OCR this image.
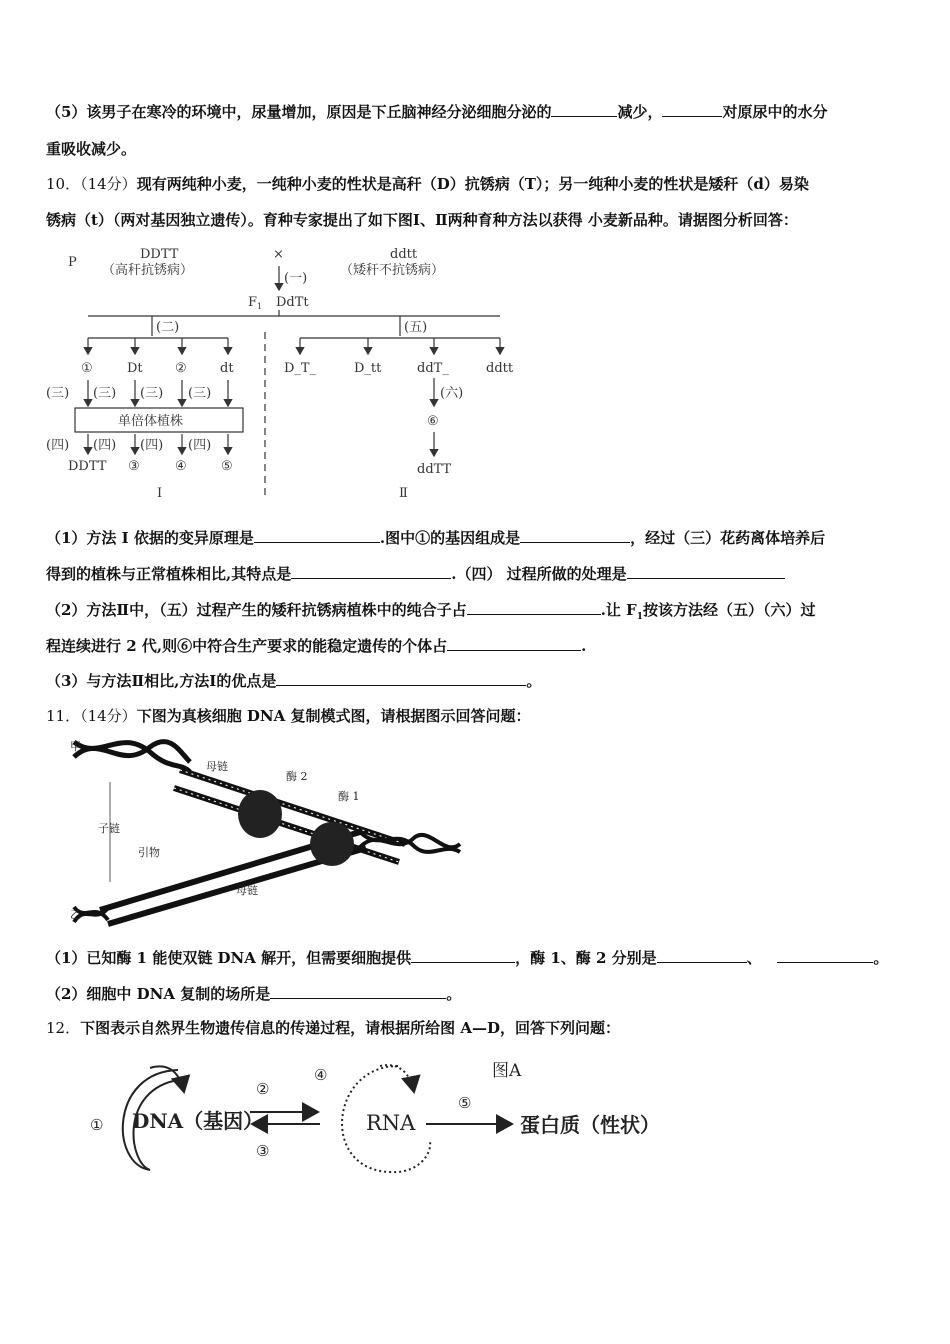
（5）该男子在寒冷的环境中，尿量增加，原因是下丘脑神经分泌细胞分泌的	减少，	对原尿中的水分
重吸收减少。
10．（14分）现有两纯种小麦，一纯种小麦的性状是高秆（D）抗锈病（T）；另一纯种小麦的性状是矮秆（d）易染
锈病（t）（两对基因独立遗传）。育种专家提出了如下图Ⅰ、Ⅱ两种育种方法以获得 小麦新品种。请据图分析回答：
P
DDTT
（高秆抗锈病）
×	ddtt
（矮秆不抗锈病）
(一)
$F_1$ DdTt
(二)	(五)
①	Dt ②	dt
(三) (三) (三) (三)
单倍体植株
(四) (四) (四) (四)
DDTT ③	④	⑤
Ⅰ
D_T_	D_tt	ddT_	ddtt
(六)
⑥
ddTT
Ⅱ
（1）方法 I 依据的变异原理是	.图中①的基因组成是	，经过（三）花药离体培养后
得到的植株与正常植株相比,其特点是	.（四） 过程所做的处理是
（2）方法Ⅱ中，（五）过程产生的矮秆抗锈病植株中的纯合子占	.让 $F_1$按该方法经（五）（六）过
程连续进行 2 代,则⑥中符合生产要求的能稳定遗传的个体占	.
（3）与方法Ⅱ相比,方法Ⅰ的优点是	。
11．（14分）下图为真核细胞 DNA 复制模式图，请根据图示回答问题：
甲
乙
母链
母链
子链
引物
酶 2
酶 1
（1）已知酶 1 能使双链 DNA 解开，但需要细胞提供	，酶 1、酶 2 分别是	、	。
（2）细胞中 DNA 复制的场所是	。
12．下图表示自然界生物遗传信息的传递过程，请根据所给图 A—D，回答下列问题：
图A
① DNA（基因）
②
③
④
RNA
⑤
蛋白质（性状）
